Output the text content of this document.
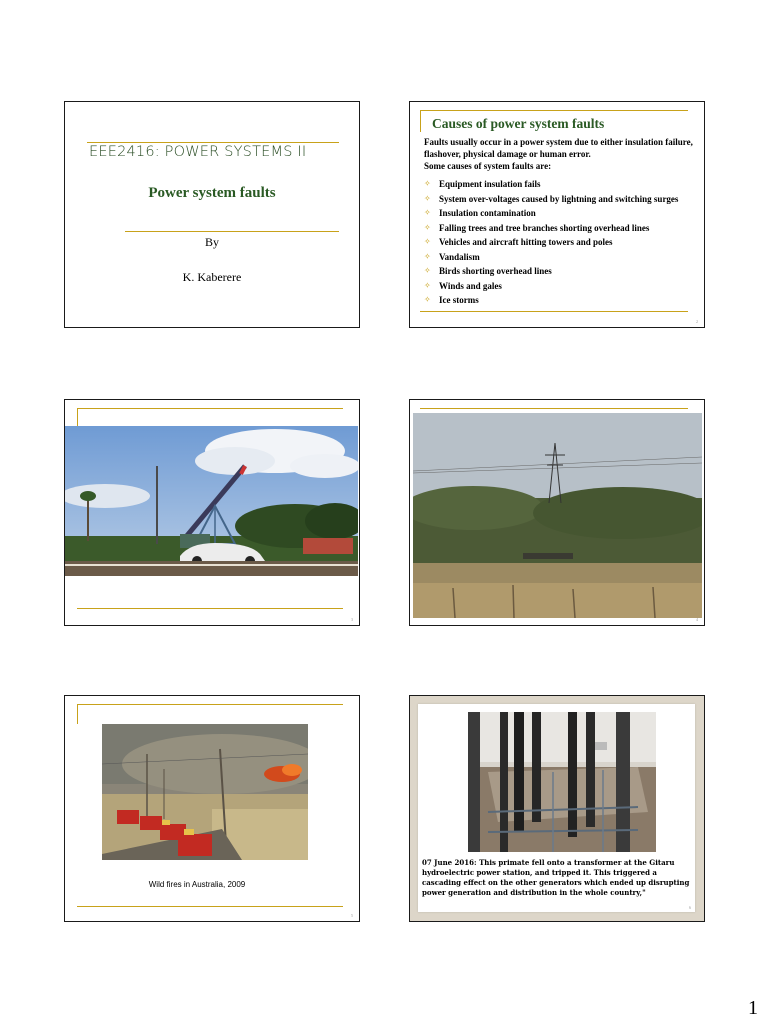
EEE2416: POWER SYSTEMS II
Power system faults
By
K. Kaberere
Causes of power system faults
Faults usually occur in a power system due to either insulation failure, flashover, physical damage or human error.
Some causes of system faults are:
✧ Equipment insulation fails
✧ System over-voltages caused by lightning and switching surges
✧ Insulation contamination
✧ Falling trees and tree branches shorting overhead lines
✧ Vehicles and aircraft hitting towers and poles
✧ Vandalism
✧ Birds shorting overhead lines
✧ Winds and gales
✧ Ice storms
2
3	4
Wild fires in Australia, 2009
5
07 June 2016: This primate fell onto a transformer at the Gitaru hydroelectric power station, and tripped it. This triggered a cascading effect on the other generators which ended up disrupting power generation and distribution in the whole country,"
6
1
